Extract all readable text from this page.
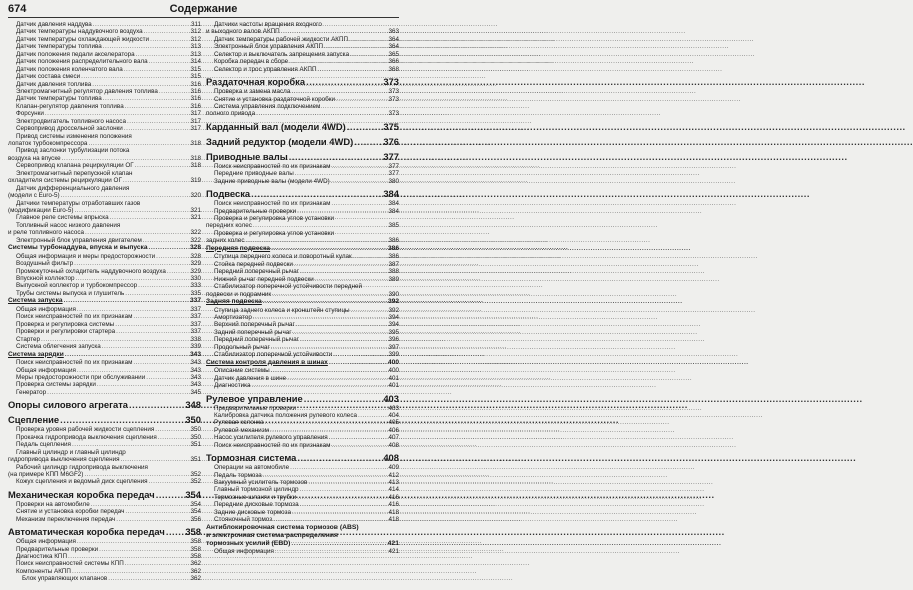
674	Содержание
Датчик давления наддува .....	311
Датчик температуры наддувочного воздуха .....	312
Датчик температуры охлаждающей жидкости .....	312
Датчик температуры топлива .....	313
Датчик положения педали акселератора .....	313
Датчик положения распределительного вала .....	314
Датчик положения коленчатого вала .....	315
Датчик состава смеси .....	315
Датчик давления топлива .....	316
Электромагнитный регулятор давления топлива .....	316
Датчик температуры топлива .....	316
Клапан-регулятор давления топлива .....	316
Форсунки .....	317
Электродвигатель топливного насоса .....	317
Сервопривод дроссельной заслонки .....	317
Привод системы изменения положения
лопаток турбокомпрессора .....	318
Привод заслонки турбулизации потока
воздуха на впуске .....	318
Сервопривод клапана рециркуляции ОГ .....	318
Электромагнитный перепускной клапан
охладителя системы рециркуляции ОГ .....	319
Датчик дифференциального давления
(модели с Euro-5) .....	320
Датчики температуры отработавших газов
(модификации Euro-5) .....	321
Главное реле системы впрыска .....	321
Топливный насос низкого давления
и реле топливного насоса .....	322
Электронный блок управления двигателем .....	322
Системы турбонаддува, впуска и выпуска .....	328
Общая информация и меры предосторожности .....	328
Воздушный фильтр .....	329
Промежуточный охладитель наддувочного воздуха .....	329
Впускной коллектор .....	330
Выпускной коллектор и турбокомпрессор .....	333
Трубы системы выпуска и глушитель .....	335
Система запуска .....	337
Общая информация .....	337
Поиск неисправностей по их признакам .....	337
Проверка и регулировка системы .....	337
Проверки и регулировки стартера .....	337
Стартер .....	338
Система облегчения запуска .....	339
Система зарядки .....	343
Поиск неисправностей по их признакам .....	343
Общая информация .....	343
Меры предосторожности при обслуживании .....	343
Проверка системы зарядки .....	343
Генератор .....	345
Опоры силового агрегата .....	348
Сцепление .....	350
Проверка уровня рабочей жидкости сцепления .....	350
Прокачка гидропривода выключения сцепления .....	350
Педаль сцепления .....	351
Главный цилиндр и главный цилиндр
гидропривода выключения сцепления .....	351
Рабочий цилиндр гидропривода выключения
(на примере КПП M6GF2) .....	352
Кожух сцепления и ведомый диск сцепления .....	352
Механическая коробка передач .....	354
Проверки на автомобиле .....	354
Снятие и установка коробки передач .....	354
Механизм переключения передач .....	356
Автоматическая коробка передач ..... 358
Общая информация .....	358
Предварительные проверки .....	358
Диагностика КПП .....	358
Поиск неисправностей системы КПП .....	362
Компоненты АКПП .....	362
Блок управляющих клапанов .....	362
Датчики частоты вращения входного
и выходного валов АКПП .....	363
Датчик температуры рабочей жидкости АКПП .....	364
Электронный блок управления АКПП .....	364
Селектор и выключатель запрещения запуска .....	365
Коробка передач в сборе .....	366
Селектор и трос управления АКПП .....	368
Раздаточная коробка .....	373
Проверка и замена масла .....	373
Снятие и установка раздаточной коробки .....	373
Система управления подключением
полного привода .....	373
Карданный вал (модели 4WD) .....	375
Задний редуктор (модели 4WD) .....	376
Приводные валы .....	377
Поиск неисправностей по их признакам .....	377
Передние приводные валы .....	377
Задние приводные валы (модели 4WD) .....	380
Подвеска .....	384
Поиск неисправностей по их признакам .....	384
Предварительные проверки .....	384
Проверка и регулировка углов установки
передних колес .....	385
Проверка и регулировка углов установки
задних колес .....	386
Передняя подвеска .....	386
Ступица переднего колеса и поворотный кулак .....	386
Стойка передней подвески .....	387
Передний поперечный рычаг .....	388
Нижний рычаг передней подвески .....	389
Стабилизатор поперечной устойчивости передней
подвески и подрамник .....	390
Задняя подвеска .....	392
Ступица заднего колеса и кронштейн ступицы .....	392
Амортизатор .....	394
Верхний поперечный рычаг .....	394
Задний поперечный рычаг .....	395
Передний поперечный рычаг .....	396
Продольный рычаг .....	397
Стабилизатор поперечной устойчивости .....	399
Система контроля давления в шинах .....	400
Описание системы .....	400
Датчик давления в шине .....	401
Диагностика .....	401
Рулевое управление .....	403
Предварительные проверки .....	403
Калибровка датчика положения рулевого колеса .....	404
Рулевая колонка .....	405
Рулевой механизм .....	406
Насос усилителя рулевого управления .....	407
Поиск неисправностей по их признакам .....	408
Тормозная система .....	408
Операции на автомобиле .....	409
Педаль тормоза .....	412
Вакуумный усилитель тормозов .....	413
Главный тормозной цилиндр .....	414
Тормозные шланги и трубки .....	416
Передние дисковые тормоза .....	416
Задние дисковые тормоза .....	418
Стояночный тормоз .....	418
Антиблокировочная система тормозов (ABS)
и электронная система распределения
тормозных усилий (EBD) .....	421
Общая информация .....	421
